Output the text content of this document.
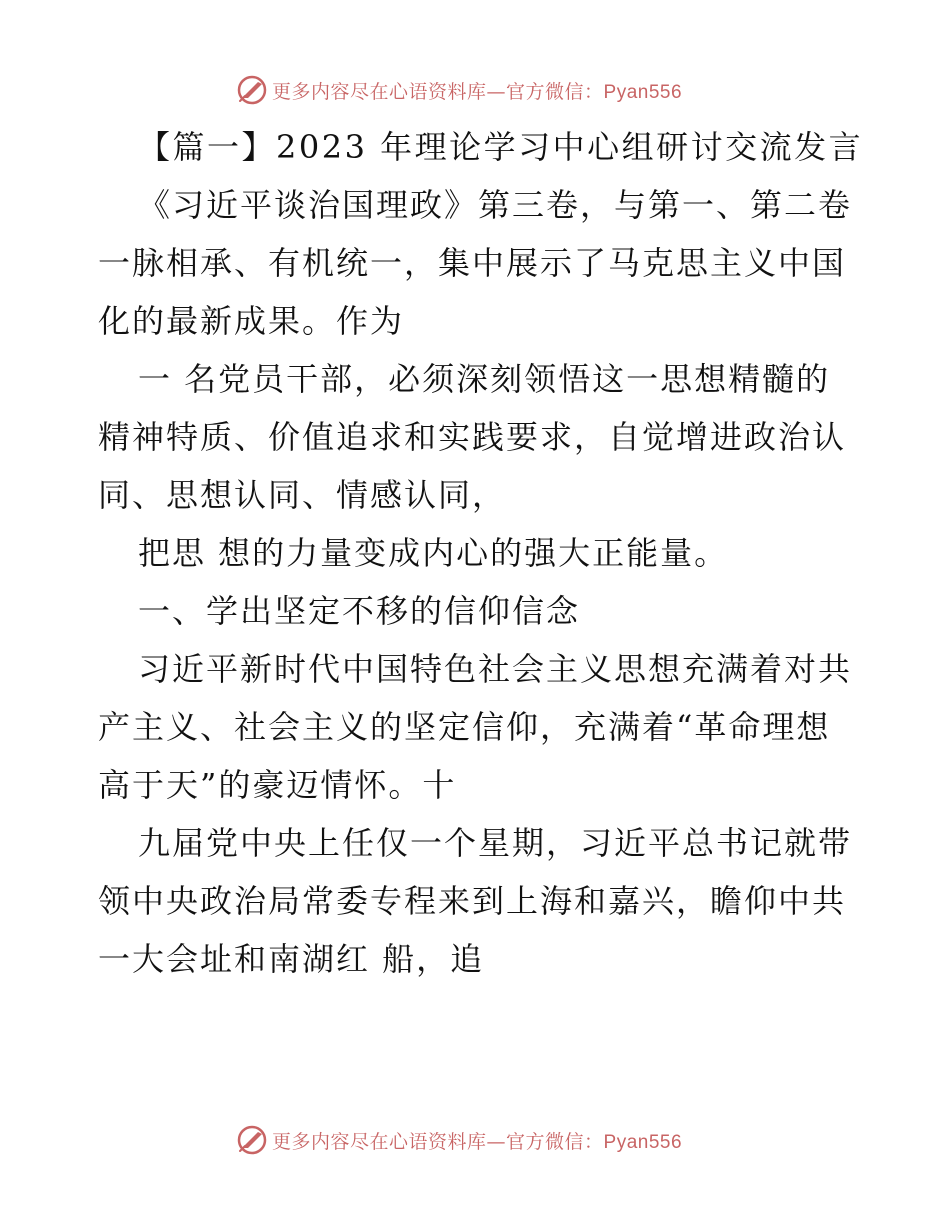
更多内容尽在心语资料库—官方微信：Pyan556
【篇一】2023 年理论学习中心组研讨交流发言
《习近平谈治国理政》第三卷，与第一、第二卷
一脉相承、有机统一，集中展示了马克思主义中国
化的最新成果。作为
一 名党员干部，必须深刻领悟这一思想精髓的
精神特质、价值追求和实践要求，自觉增进政治认
同、思想认同、情感认同，
把思 想的力量变成内心的强大正能量。
一、学出坚定不移的信仰信念
习近平新时代中国特色社会主义思想充满着对共
产主义、社会主义的坚定信仰，充满着“革命理想
高于天”的豪迈情怀。十
九届党中央上任仅一个星期，习近平总书记就带
领中央政治局常委专程来到上海和嘉兴，瞻仰中共
一大会址和南湖红 船，追
更多内容尽在心语资料库—官方微信：Pyan556
